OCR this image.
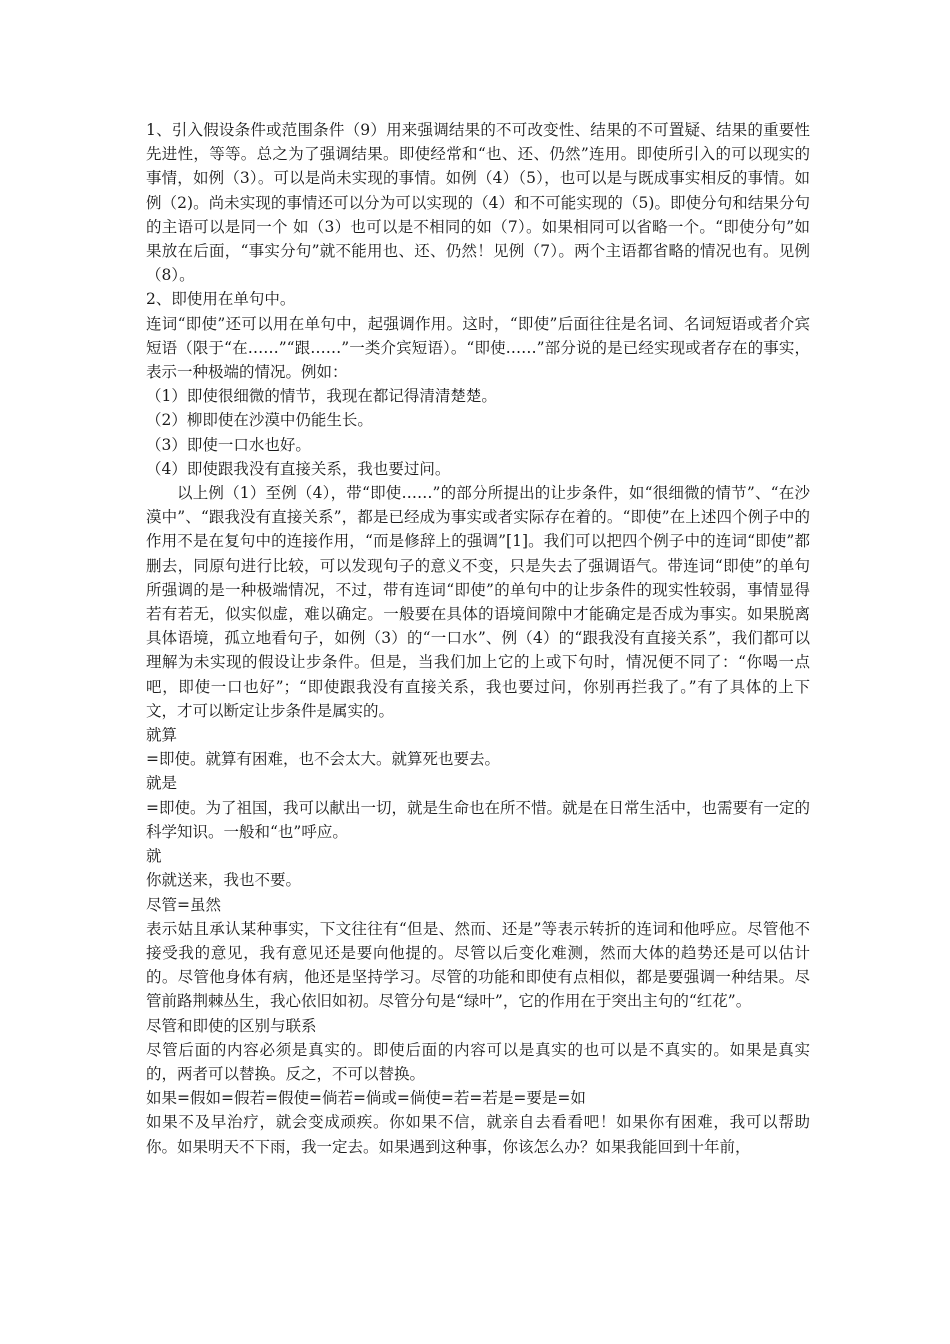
1、引入假设条件或范围条件（9）用来强调结果的不可改变性、结果的不可置疑、结果的重要性先进性，等等。总之为了强调结果。即使经常和“也、还、仍然”连用。即使所引入的可以现实的事情，如例（3）。可以是尚未实现的事情。如例（4）（5），也可以是与既成事实相反的事情。如例（2)。尚未实现的事情还可以分为可以实现的（4）和不可能实现的（5)。即使分句和结果分句的主语可以是同一个 如（3）也可以是不相同的如（7）。如果相同可以省略一个。“即使分句”如果放在后面，“事实分句”就不能用也、还、仍然！见例（7）。两个主语都省略的情况也有。见例（8）。

2、即使用在单句中。

连词“即使”还可以用在单句中，起强调作用。这时，“即使”后面往往是名词、名词短语或者介宾短语（限于“在……”“跟……”一类介宾短语）。“即使……”部分说的是已经实现或者存在的事实，表示一种极端的情况。例如：

（1）即使很细微的情节，我现在都记得清清楚楚。

（2）柳即使在沙漠中仍能生长。

（3）即使一口水也好。

（4）即使跟我没有直接关系，我也要过问。

以上例（1）至例（4），带“即使……”的部分所提出的让步条件，如“很细微的情节”、“在沙漠中”、“跟我没有直接关系”，都是已经成为事实或者实际存在着的。“即使”在上述四个例子中的作用不是在复句中的连接作用，“而是修辞上的强调”[1]。我们可以把四个例子中的连词“即使”都删去，同原句进行比较，可以发现句子的意义不变，只是失去了强调语气。带连词“即使”的单句所强调的是一种极端情况，不过，带有连词“即使”的单句中的让步条件的现实性较弱，事情显得若有若无，似实似虚，难以确定。一般要在具体的语境间隙中才能确定是否成为事实。如果脱离具体语境，孤立地看句子，如例（3）的“一口水”、例（4）的“跟我没有直接关系”，我们都可以理解为未实现的假设让步条件。但是，当我们加上它的上或下句时，情况便不同了：“你喝一点吧，即使一口也好”；“即使跟我没有直接关系，我也要过问，你别再拦我了。”有了具体的上下文，才可以断定让步条件是属实的。

就算

=即使。就算有困难，也不会太大。就算死也要去。

就是

=即使。为了祖国，我可以献出一切，就是生命也在所不惜。就是在日常生活中，也需要有一定的科学知识。一般和“也”呼应。

就

你就送来，我也不要。

尽管=虽然

表示姑且承认某种事实，下文往往有“但是、然而、还是”等表示转折的连词和他呼应。尽管他不接受我的意见，我有意见还是要向他提的。尽管以后变化难测，然而大体的趋势还是可以估计的。尽管他身体有病，他还是坚持学习。尽管的功能和即使有点相似，都是要强调一种结果。尽管前路荆棘丛生，我心依旧如初。尽管分句是“绿叶”，它的作用在于突出主句的“红花”。

尽管和即使的区别与联系

尽管后面的内容必须是真实的。即使后面的内容可以是真实的也可以是不真实的。如果是真实的，两者可以替换。反之，不可以替换。

如果=假如=假若=假使=倘若=倘或=倘使=若=若是=要是=如

如果不及早治疗，就会变成顽疾。你如果不信，就亲自去看看吧！如果你有困难，我可以帮助你。如果明天不下雨，我一定去。如果遇到这种事，你该怎么办？如果我能回到十年前，
